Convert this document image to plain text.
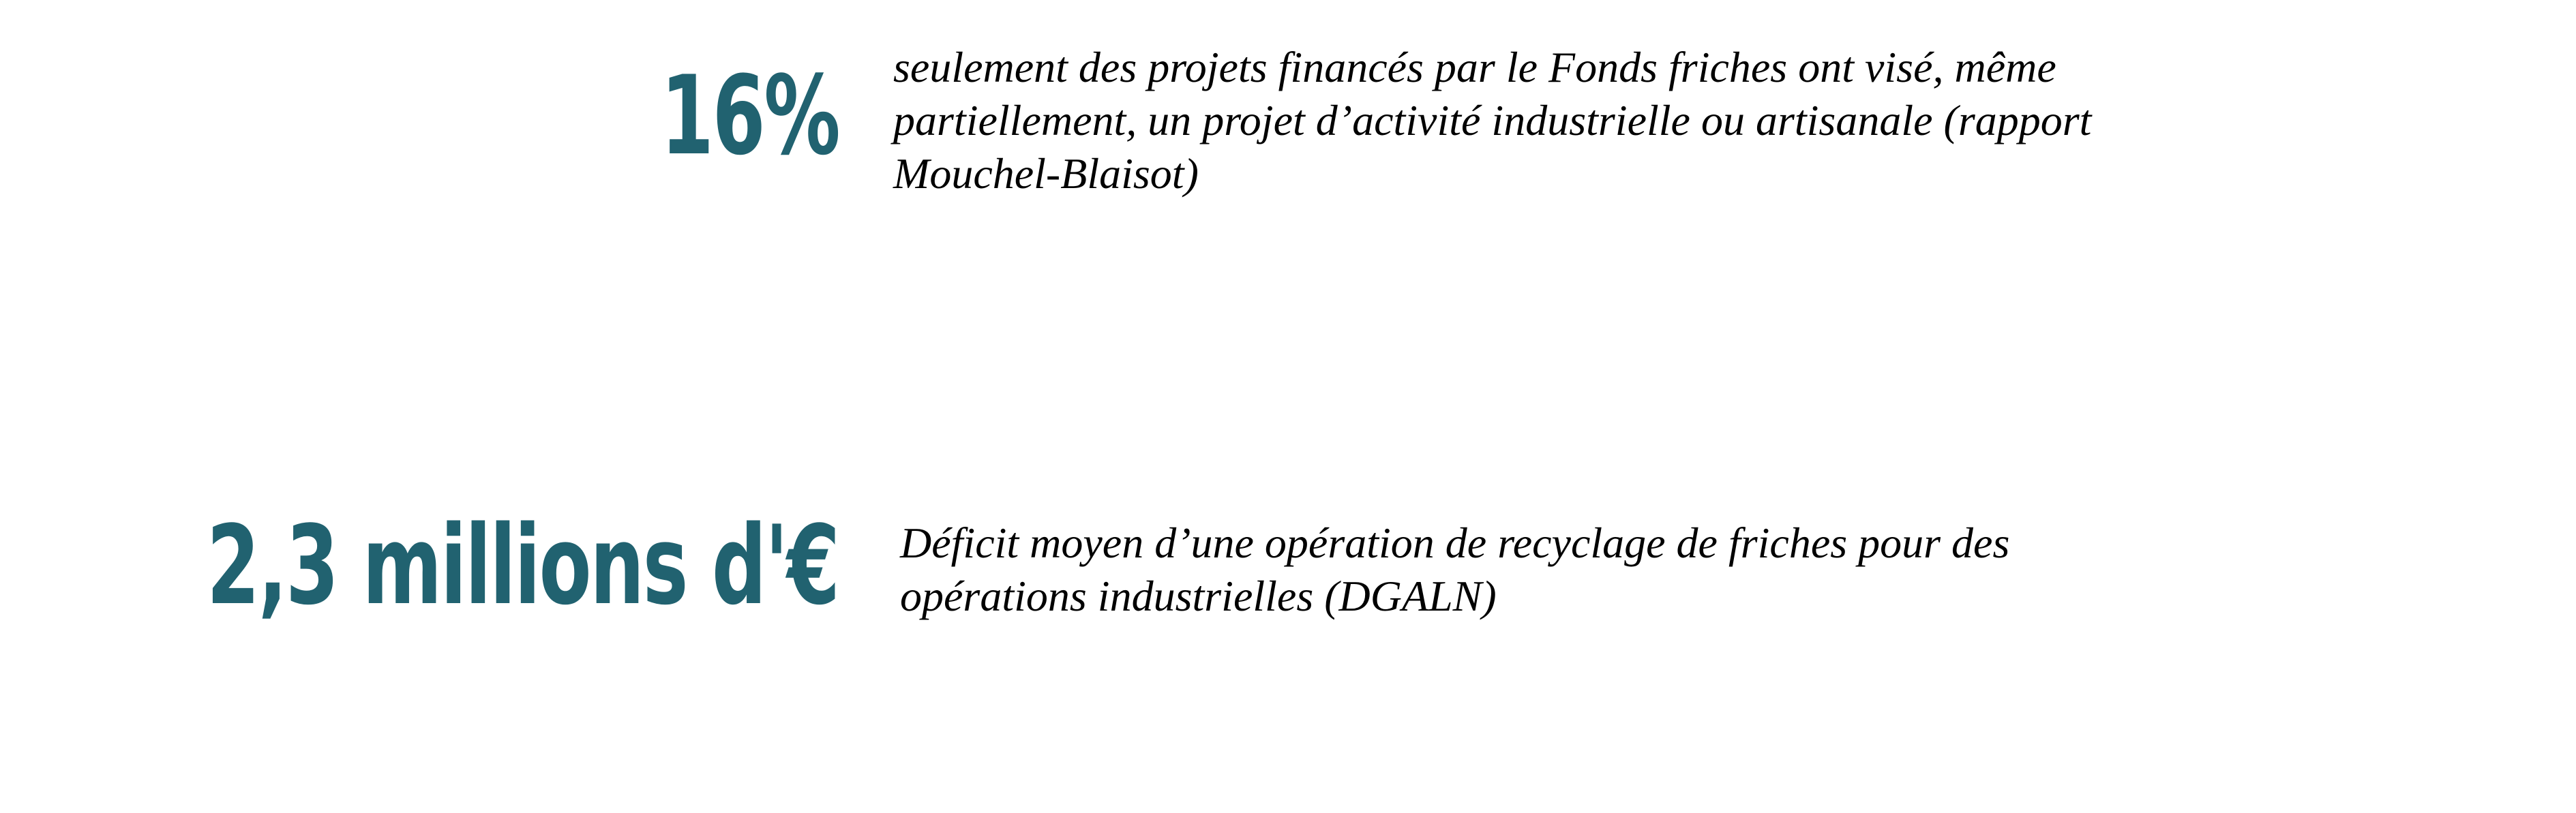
16% seulement des projets financés par le Fonds friches ont visé, même partiellement, un projet d’activité industrielle ou artisanale (rapport Mouchel-Blaisot)
2,3 millions d'€ Déficit moyen d’une opération de recyclage de friches pour des opérations industrielles (DGALN)
